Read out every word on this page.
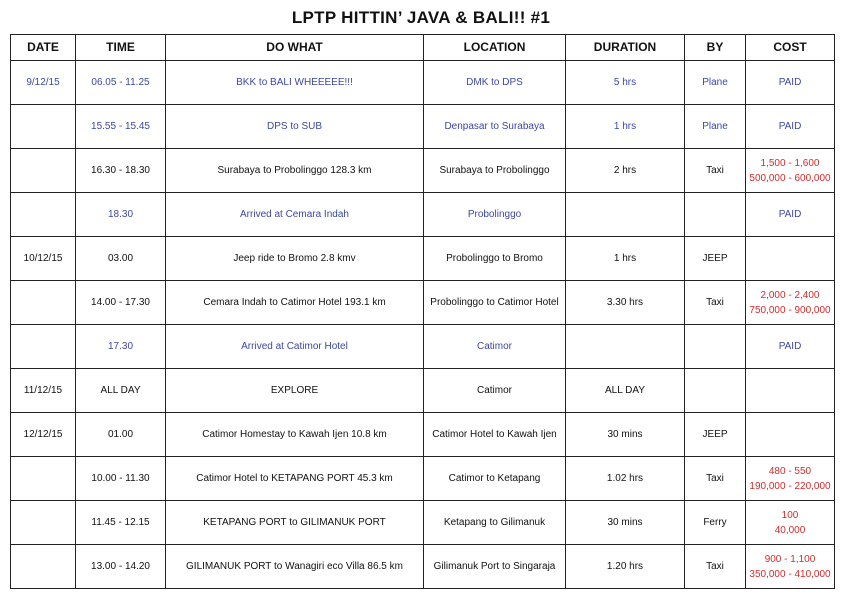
LPTP HITTIN’ JAVA & BALI!! #1
DATE	TIME	DO WHAT	LOCATION	DURATION	BY	COST
9/12/15	06.05 - 11.25	BKK to BALI WHEEEEE!!!	DMK to DPS	5 hrs	Plane	PAID
	15.55 - 15.45	DPS to SUB	Denpasar to Surabaya	1 hrs	Plane	PAID
	16.30 - 18.30	Surabaya to Probolinggo 128.3 km	Surabaya to Probolinggo	2 hrs	Taxi	1,500 - 1,600
500,000 - 600,000

	18.30	Arrived at Cemara Indah	Probolinggo			PAID
10/12/15	03.00	Jeep ride to Bromo 2.8 kmv	Probolinggo to Bromo	1 hrs	JEEP	
	14.00 - 17.30	Cemara Indah to Catimor Hotel 193.1 km	Probolinggo to Catimor Hotel	3.30 hrs	Taxi	2,000 - 2,400
750,000 - 900,000

	17.30	Arrived at Catimor Hotel	Catimor			PAID
11/12/15	ALL DAY	EXPLORE	Catimor	ALL DAY		
12/12/15	01.00	Catimor Homestay to Kawah Ijen 10.8 km	Catimor Hotel to Kawah Ijen	30 mins	JEEP	
	10.00 - 11.30	Catimor Hotel to KETAPANG PORT 45.3 km	Catimor to Ketapang	1.02 hrs	Taxi	480 - 550
190,000 - 220,000

	11.45 - 12.15	KETAPANG PORT to GILIMANUK PORT	Ketapang to Gilimanuk	30 mins	Ferry	100
40,000

	13.00 - 14.20	GILIMANUK PORT to Wanagiri eco Villa 86.5 km	Gilimanuk Port to Singaraja	1.20 hrs	Taxi	900 - 1,100
350,000 - 410,000
